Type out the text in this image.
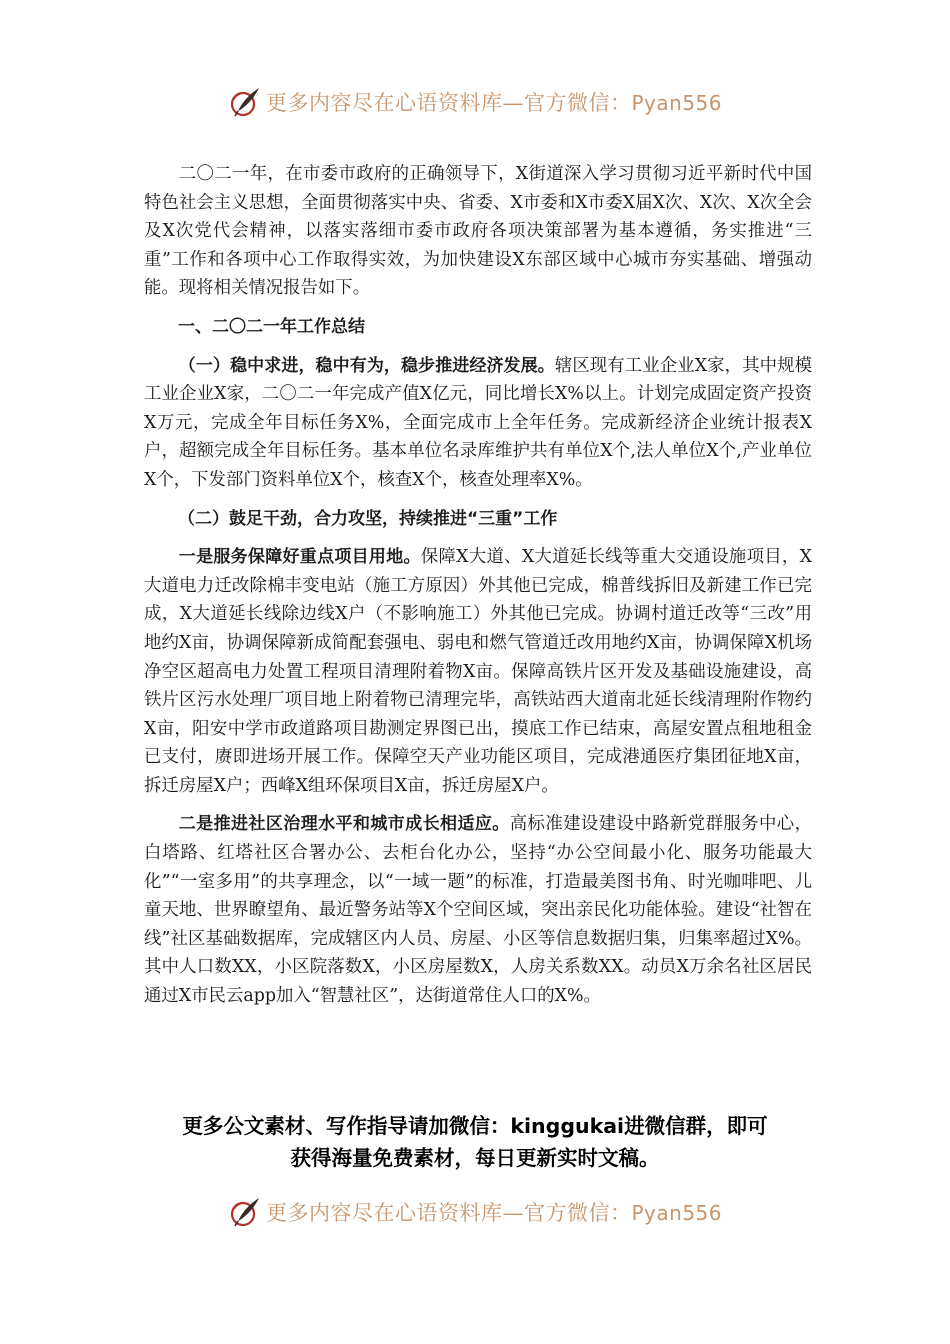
更多内容尽在心语资料库—官方微信：Pyan556

二〇二一年，在市委市政府的正确领导下，X街道深入学习贯彻习近平新时代中国特色社会主义思想，全面贯彻落实中央、省委、X市委和X市委X届X次、X次、X次全会及X次党代会精神，以落实落细市委市政府各项决策部署为基本遵循，务实推进“三重”工作和各项中心工作取得实效，为加快建设X东部区域中心城市夯实基础、增强动能。现将相关情况报告如下。

一、二〇二一年工作总结

（一）稳中求进，稳中有为，稳步推进经济发展。辖区现有工业企业X家，其中规模工业企业X家，二〇二一年完成产值X亿元，同比增长X%以上。计划完成固定资产投资X万元，完成全年目标任务X%，全面完成市上全年任务。完成新经济企业统计报表X户，超额完成全年目标任务。基本单位名录库维护共有单位X个,法人单位X个,产业单位X个，下发部门资料单位X个，核查X个，核查处理率X%。

（二）鼓足干劲，合力攻坚，持续推进“三重”工作

一是服务保障好重点项目用地。保障X大道、X大道延长线等重大交通设施项目，X大道电力迁改除棉丰变电站（施工方原因）外其他已完成，棉普线拆旧及新建工作已完成，X大道延长线除边线X户（不影响施工）外其他已完成。协调村道迁改等“三改”用地约X亩，协调保障新成简配套强电、弱电和燃气管道迁改用地约X亩，协调保障X机场净空区超高电力处置工程项目清理附着物X亩。保障高铁片区开发及基础设施建设，高铁片区污水处理厂项目地上附着物已清理完毕，高铁站西大道南北延长线清理附作物约X亩，阳安中学市政道路项目勘测定界图已出，摸底工作已结束，高屋安置点租地租金已支付，赓即进场开展工作。保障空天产业功能区项目，完成港通医疗集团征地X亩，拆迁房屋X户；西峰X组环保项目X亩，拆迁房屋X户。

二是推进社区治理水平和城市成长相适应。高标准建设建设中路新党群服务中心，白塔路、红塔社区合署办公、去柜台化办公，坚持“办公空间最小化、服务功能最大化”“一室多用”的共享理念，以“一域一题”的标准，打造最美图书角、时光咖啡吧、儿童天地、世界瞭望角、最近警务站等X个空间区域，突出亲民化功能体验。建设“社智在线”社区基础数据库，完成辖区内人员、房屋、小区等信息数据归集，归集率超过X%。其中人口数XX，小区院落数X，小区房屋数X，人房关系数XX。动员X万余名社区居民通过X市民云app加入“智慧社区”，达街道常住人口的X%。

更多公文素材、写作指导请加微信：kinggukai进微信群，即可
获得海量免费素材，每日更新实时文稿。
更多内容尽在心语资料库—官方微信：Pyan556
